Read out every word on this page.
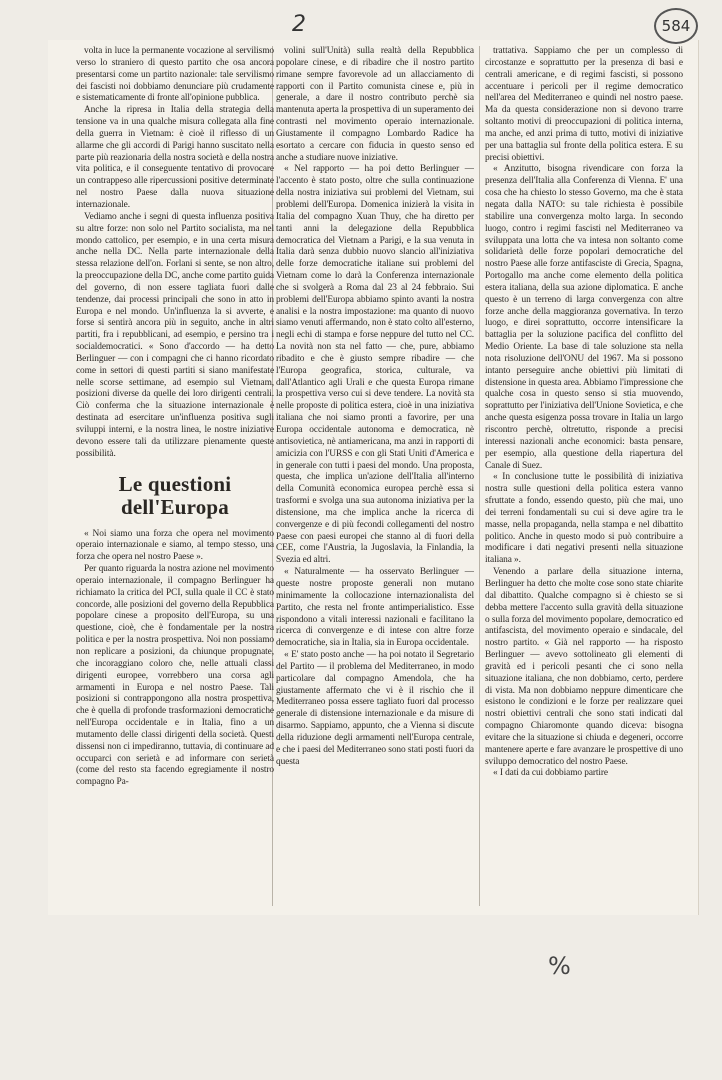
2	584

volta in luce la permanente vocazione al servilismo verso lo straniero di questo partito che osa ancora presentarsi come un partito nazionale: tale servilismo dei fascisti noi dobbiamo denunciare più crudamente e sistematicamente di fronte all'opinione pubblica.

Anche la ripresa in Italia della strategia della tensione va in una qualche misura collegata alla fine della guerra in Vietnam: è cioè il riflesso di un allarme che gli accordi di Parigi hanno suscitato nella parte più reazionaria della nostra società e della nostra vita politica, e il conseguente tentativo di provocare un contrappeso alle ripercussioni positive determinate nel nostro Paese dalla nuova situazione internazionale.

Vediamo anche i segni di questa influenza positiva su altre forze: non solo nel Partito socialista, ma nel mondo cattolico, per esempio, e in una certa misura anche nella DC. Nella parte internazionale della stessa relazione dell'on. Forlani si sente, se non altro, la preoccupazione della DC, anche come partito guida del governo, di non essere tagliata fuori dalle tendenze, dai processi principali che sono in atto in Europa e nel mondo. Un'influenza la si avverte, e forse si sentirà ancora più in seguito, anche in altri partiti, fra i repubblicani, ad esempio, e persino tra i socialdemocratici. « Sono d'accordo — ha detto Berlinguer — con i compagni che ci hanno ricordato come in settori di questi partiti si siano manifestate nelle scorse settimane, ad esempio sul Vietnam, posizioni diverse da quelle dei loro dirigenti centrali. Ciò conferma che la situazione internazionale è destinata ad esercitare un'influenza positiva sugli sviluppi interni, e la nostra linea, le nostre iniziative devono essere tali da utilizzare pienamente queste possibilità.

Le questioni
dell'Europa

« Noi siamo una forza che opera nel movimento operaio internazionale e siamo, al tempo stesso, una forza che opera nel nostro Paese ».

Per quanto riguarda la nostra azione nel movimento operaio internazionale, il compagno Berlinguer ha richiamato la critica del PCI, sulla quale il CC è stato concorde, alle posizioni del governo della Repubblica popolare cinese a proposito dell'Europa, su una questione, cioè, che è fondamentale per la nostra politica e per la nostra prospettiva. Noi non possiamo non replicare a posizioni, da chiunque propugnate, che incoraggiano coloro che, nelle attuali classi dirigenti europee, vorrebbero una corsa agli armamenti in Europa e nel nostro Paese. Tali posizioni si contrappongono alla nostra prospettiva, che è quella di profonde trasformazioni democratiche nell'Europa occidentale e in Italia, fino a un mutamento delle classi dirigenti della società. Questi dissensi non ci impediranno, tuttavia, di continuare ad occuparci con serietà e ad informare con serietà (come del resto sta facendo egregiamente il nostro compagno Pa-

volini sull'Unità) sulla realtà della Repubblica popolare cinese, e di ribadire che il nostro partito rimane sempre favorevole ad un allacciamento di rapporti con il Partito comunista cinese e, più in generale, a dare il nostro contributo perchè sia mantenuta aperta la prospettiva di un superamento dei contrasti nel movimento operaio internazionale. Giustamente il compagno Lombardo Radice ha esortato a cercare con fiducia in questo senso ed anche a studiare nuove iniziative.

« Nel rapporto — ha poi detto Berlinguer — l'accento è stato posto, oltre che sulla continuazione della nostra iniziativa sui problemi del Vietnam, sui problemi dell'Europa. Domenica inizierà la visita in Italia del compagno Xuan Thuy, che ha diretto per tanti anni la delegazione della Repubblica democratica del Vietnam a Parigi, e la sua venuta in Italia darà senza dubbio nuovo slancio all'iniziativa delle forze democratiche italiane sui problemi del Vietnam come lo darà la Conferenza internazionale che si svolgerà a Roma dal 23 al 24 febbraio. Sui problemi dell'Europa abbiamo spinto avanti la nostra analisi e la nostra impostazione: ma quanto di nuovo siamo venuti affermando, non è stato colto all'esterno, negli echi di stampa e forse neppure del tutto nel CC. La novità non sta nel fatto — che, pure, abbiamo ribadito e che è giusto sempre ribadire — che l'Europa geografica, storica, culturale, va dall'Atlantico agli Urali e che questa Europa rimane la prospettiva verso cui si deve tendere. La novità sta nelle proposte di politica estera, cioè in una iniziativa italiana che noi siamo pronti a favorire, per una Europa occidentale autonoma e democratica, nè antisovietica, nè antiamericana, ma anzi in rapporti di amicizia con l'URSS e con gli Stati Uniti d'America e in generale con tutti i paesi del mondo. Una proposta, questa, che implica un'azione dell'Italia all'interno della Comunità economica europea perchè essa si trasformi e svolga una sua autonoma iniziativa per la distensione, ma che implica anche la ricerca di convergenze e di più fecondi collegamenti del nostro Paese con paesi europei che stanno al di fuori della CEE, come l'Austria, la Jugoslavia, la Finlandia, la Svezia ed altri.

« Naturalmente — ha osservato Berlinguer — queste nostre proposte generali non mutano minimamente la collocazione internazionalista del Partito, che resta nel fronte antimperialistico. Esse rispondono a vitali interessi nazionali e facilitano la ricerca di convergenze e di intese con altre forze democratiche, sia in Italia, sia in Europa occidentale.

« E' stato posto anche — ha poi notato il Segretario del Partito — il problema del Mediterraneo, in modo particolare dal compagno Amendola, che ha giustamente affermato che vi è il rischio che il Mediterraneo possa essere tagliato fuori dal processo generale di distensione internazionale e da misure di disarmo. Sappiamo, appunto, che a Vienna si discute della riduzione degli armamenti nell'Europa centrale, e che i paesi del Mediterraneo sono stati posti fuori da questa

trattativa. Sappiamo che per un complesso di circostanze e soprattutto per la presenza di basi e centrali americane, e di regimi fascisti, si possono accentuare i pericoli per il regime democratico nell'area del Mediterraneo e quindi nel nostro paese. Ma da questa considerazione non si devono trarre soltanto motivi di preoccupazioni di politica interna, ma anche, ed anzi prima di tutto, motivi di iniziative per una battaglia sul fronte della politica estera. E su precisi obiettivi.

« Anzitutto, bisogna rivendicare con forza la presenza dell'Italia alla Conferenza di Vienna. E' una cosa che ha chiesto lo stesso Governo, ma che è stata negata dalla NATO: su tale richiesta è possibile stabilire una convergenza molto larga. In secondo luogo, contro i regimi fascisti nel Mediterraneo va sviluppata una lotta che va intesa non soltanto come solidarietà delle forze popolari democratiche del nostro Paese alle forze antifasciste di Grecia, Spagna, Portogallo ma anche come elemento della politica estera italiana, della sua azione diplomatica. E anche questo è un terreno di larga convergenza con altre forze anche della maggioranza governativa. In terzo luogo, e direi soprattutto, occorre intensificare la battaglia per la soluzione pacifica del conflitto del Medio Oriente. La base di tale soluzione sta nella nota risoluzione dell'ONU del 1967. Ma si possono intanto perseguire anche obiettivi più limitati di distensione in questa area. Abbiamo l'impressione che qualche cosa in questo senso si stia muovendo, soprattutto per l'iniziativa dell'Unione Sovietica, e che anche questa esigenza possa trovare in Italia un largo riscontro perchè, oltretutto, risponde a precisi interessi nazionali anche economici: basta pensare, per esempio, alla questione della riapertura del Canale di Suez.

« In conclusione tutte le possibilità di iniziativa nostra sulle questioni della politica estera vanno sfruttate a fondo, essendo questo, più che mai, uno dei terreni fondamentali su cui si deve agire tra le masse, nella propaganda, nella stampa e nel dibattito politico. Anche in questo modo si può contribuire a modificare i dati negativi presenti nella situazione italiana ».

Venendo a parlare della situazione interna, Berlinguer ha detto che molte cose sono state chiarite dal dibattito. Qualche compagno si è chiesto se si debba mettere l'accento sulla gravità della situazione o sulla forza del movimento popolare, democratico ed antifascista, del movimento operaio e sindacale, del nostro partito. « Già nel rapporto — ha risposto Berlinguer — avevo sottolineato gli elementi di gravità ed i pericoli pesanti che ci sono nella situazione italiana, che non dobbiamo, certo, perdere di vista. Ma non dobbiamo neppure dimenticare che esistono le condizioni e le forze per realizzare quei nostri obiettivi centrali che sono stati indicati dal compagno Chiaromonte quando diceva: bisogna evitare che la situazione si chiuda e degeneri, occorre mantenere aperte e fare avanzare le prospettive di uno sviluppo democratico del nostro Paese.

« I dati da cui dobbiamo partire

%
